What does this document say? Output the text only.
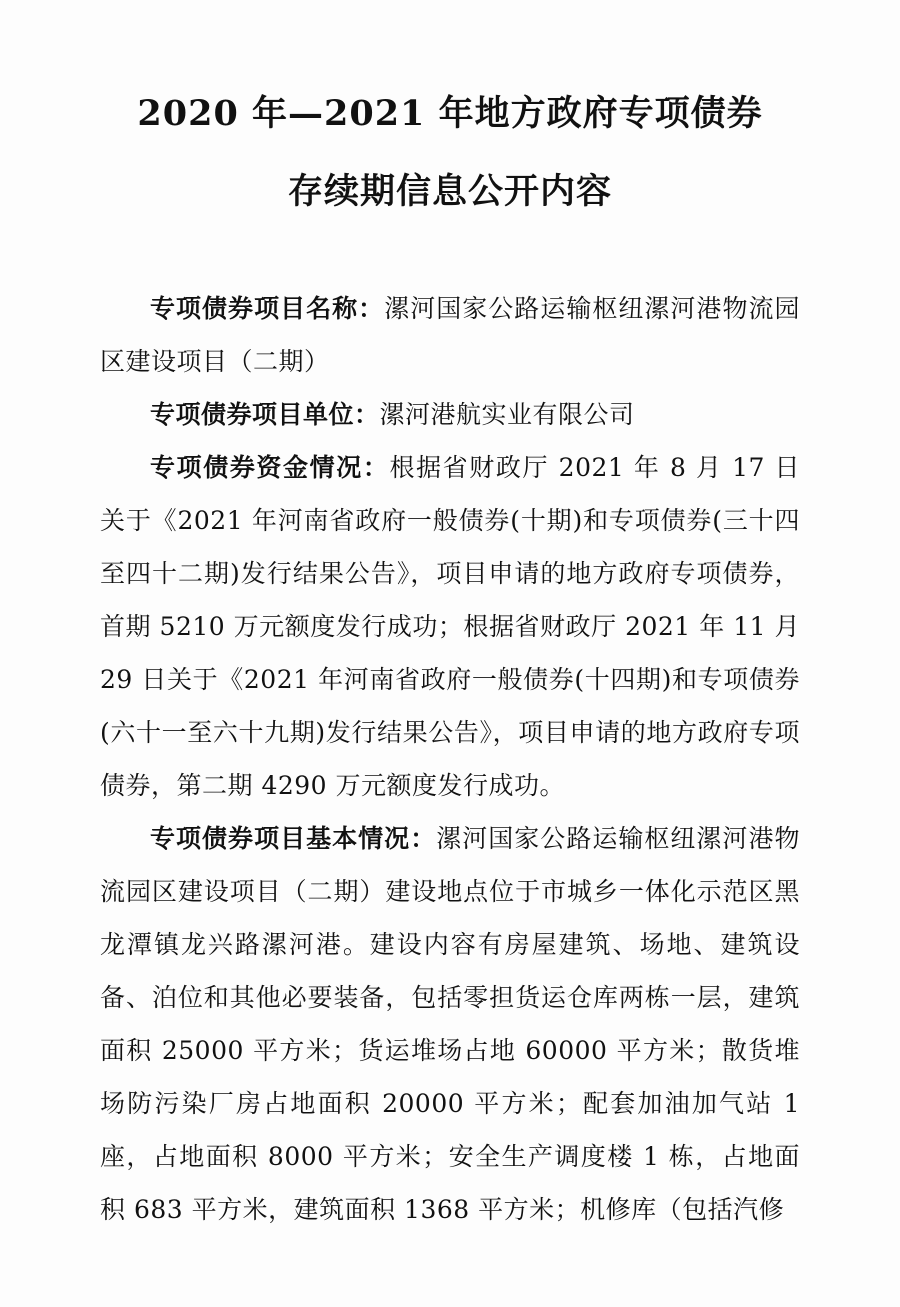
2020 年—2021 年地方政府专项债券
存续期信息公开内容
专项债券项目名称：漯河国家公路运输枢纽漯河港物流园区建设项目（二期）
专项债券项目单位：漯河港航实业有限公司
专项债券资金情况：根据省财政厅 2021 年 8 月 17 日关于《2021 年河南省政府一般债券(十期)和专项债券(三十四至四十二期)发行结果公告》，项目申请的地方政府专项债券，首期 5210 万元额度发行成功；根据省财政厅 2021 年 11 月 29 日关于《2021 年河南省政府一般债券(十四期)和专项债券(六十一至六十九期)发行结果公告》，项目申请的地方政府专项债券，第二期 4290 万元额度发行成功。
专项债券项目基本情况：漯河国家公路运输枢纽漯河港物流园区建设项目（二期）建设地点位于市城乡一体化示范区黑龙潭镇龙兴路漯河港。建设内容有房屋建筑、场地、建筑设备、泊位和其他必要装备，包括零担货运仓库两栋一层，建筑面积 25000 平方米；货运堆场占地 60000 平方米；散货堆场防污染厂房占地面积 20000 平方米；配套加油加气站 1 座，占地面积 8000 平方米；安全生产调度楼 1 栋，占地面积 683 平方米，建筑面积 1368 平方米；机修库（包括汽修
